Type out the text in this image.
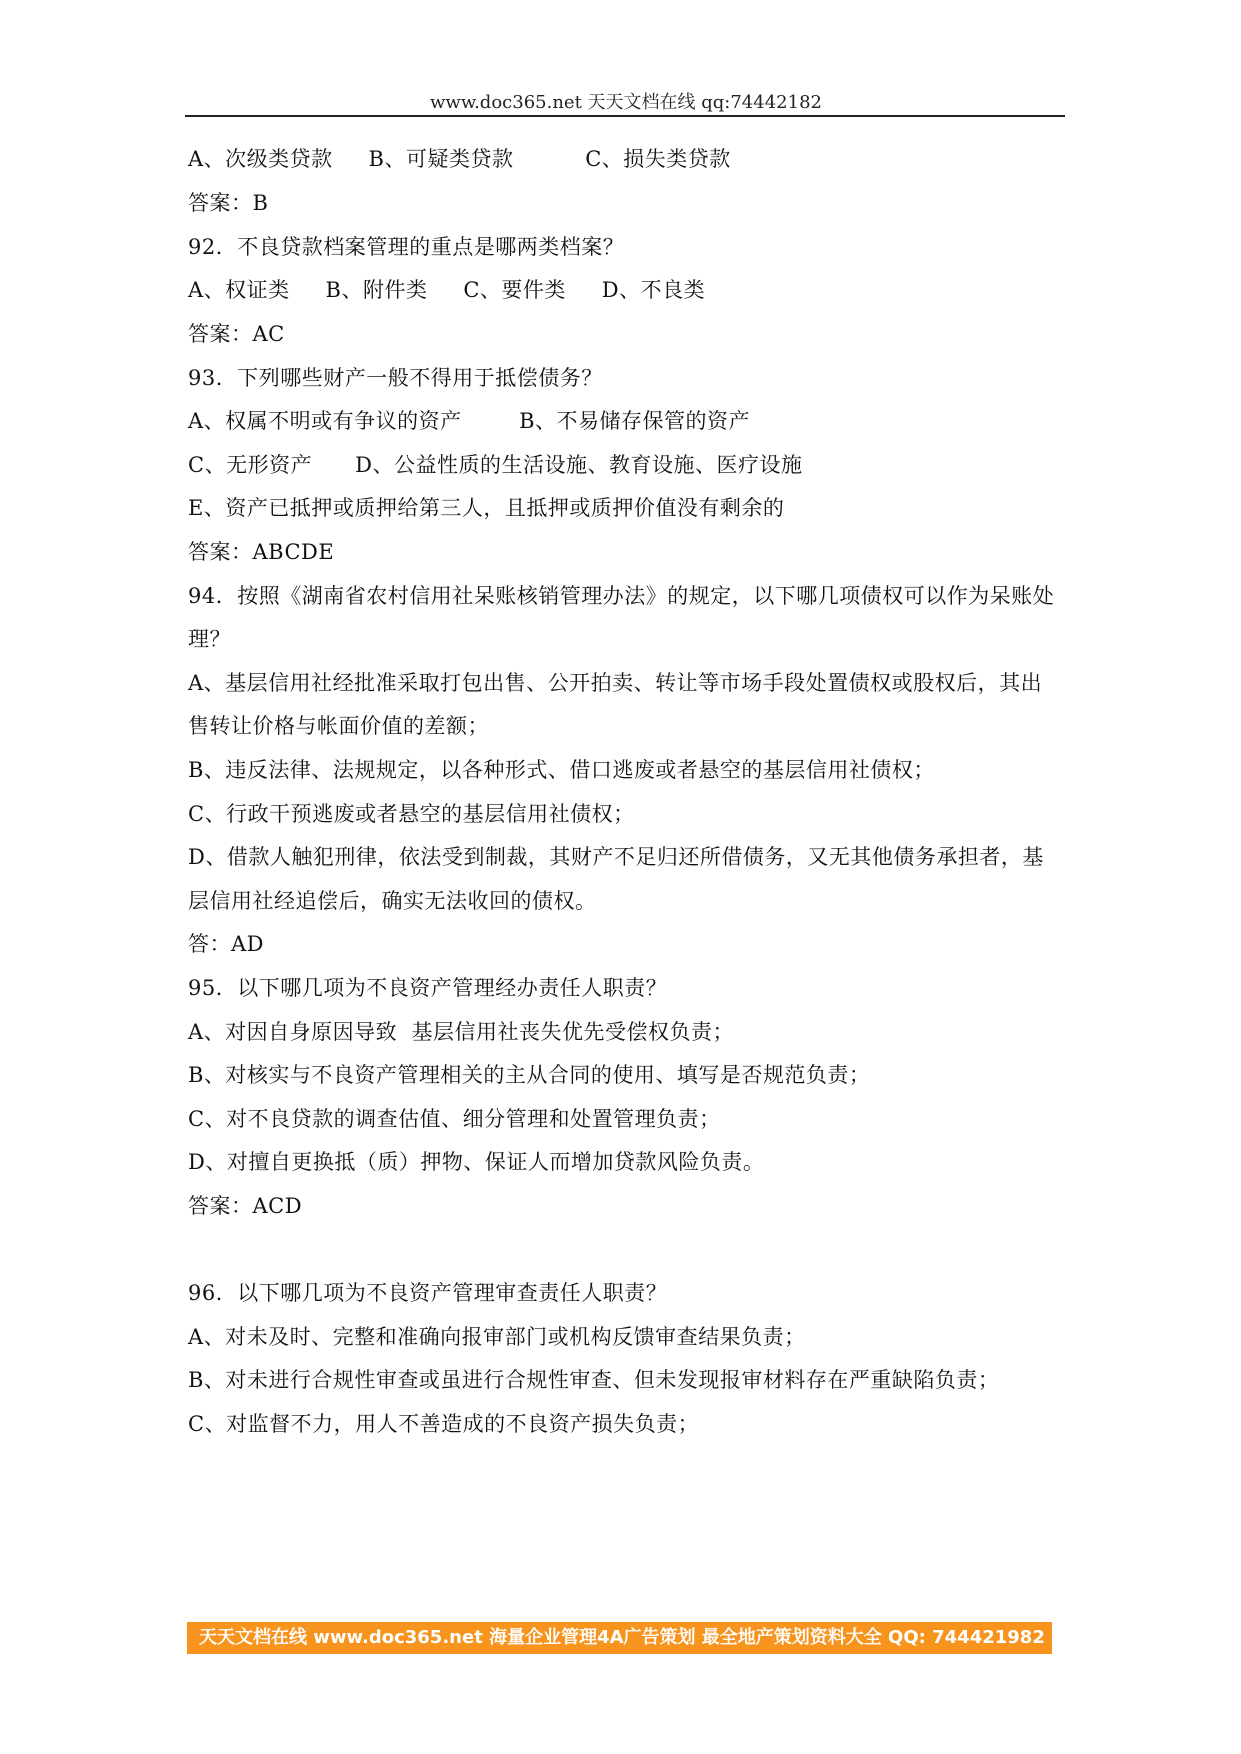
www.doc365.net 天天文档在线 qq:74442182
A、次级类贷款     B、可疑类贷款          C、损失类贷款
答案：B
92．不良贷款档案管理的重点是哪两类档案？
A、权证类     B、附件类     C、要件类     D、不良类
答案：AC
93．下列哪些财产一般不得用于抵偿债务？
A、权属不明或有争议的资产        B、不易储存保管的资产
C、无形资产      D、公益性质的生活设施、教育设施、医疗设施
E、资产已抵押或质押给第三人，且抵押或质押价值没有剩余的
答案：ABCDE
94．按照《湖南省农村信用社呆账核销管理办法》的规定，以下哪几项债权可以作为呆账处
理？
A、基层信用社经批准采取打包出售、公开拍卖、转让等市场手段处置债权或股权后，其出
售转让价格与帐面价值的差额；
B、违反法律、法规规定，以各种形式、借口逃废或者悬空的基层信用社债权；
C、行政干预逃废或者悬空的基层信用社债权；
D、借款人触犯刑律，依法受到制裁，其财产不足归还所借债务，又无其他债务承担者，基
层信用社经追偿后，确实无法收回的债权。
答：AD
95．以下哪几项为不良资产管理经办责任人职责？
A、对因自身原因导致  基层信用社丧失优先受偿权负责；
B、对核实与不良资产管理相关的主从合同的使用、填写是否规范负责；
C、对不良贷款的调查估值、细分管理和处置管理负责；
D、对擅自更换抵（质）押物、保证人而增加贷款风险负责。
答案：ACD
96．以下哪几项为不良资产管理审查责任人职责？
A、对未及时、完整和准确向报审部门或机构反馈审查结果负责；
B、对未进行合规性审查或虽进行合规性审查、但未发现报审材料存在严重缺陷负责；
C、对监督不力，用人不善造成的不良资产损失负责；
天天文档在线 www.doc365.net 海量企业管理4A广告策划 最全地产策划资料大全 QQ: 744421982
